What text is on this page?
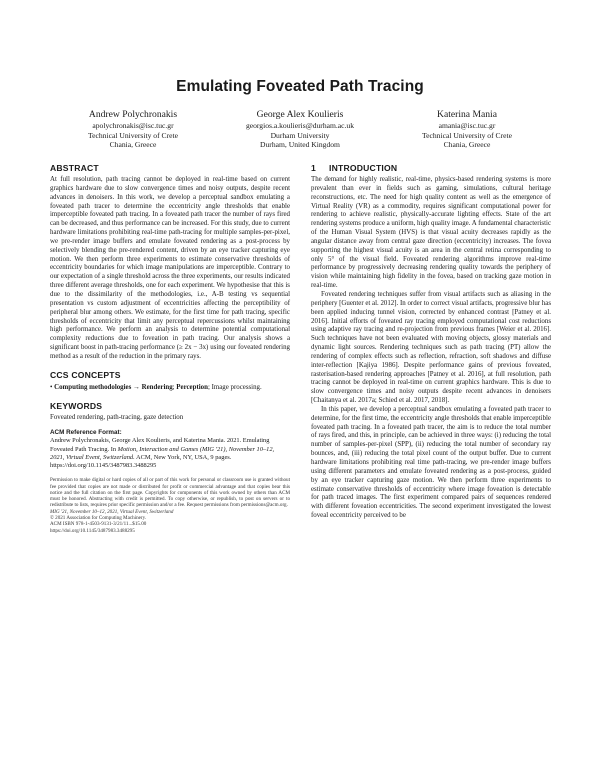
Emulating Foveated Path Tracing
Andrew Polychronakis
apolychronakis@isc.tuc.gr
Technical University of Crete
Chania, Greece
George Alex Koulieris
georgios.a.koulieris@durham.ac.uk
Durham University
Durham, United Kingdom
Katerina Mania
amania@isc.tuc.gr
Technical University of Crete
Chania, Greece
ABSTRACT

At full resolution, path tracing cannot be deployed in real-time based on current graphics hardware due to slow convergence times and noisy outputs, despite recent advances in denoisers. In this work, we develop a perceptual sandbox emulating a foveated path tracer to determine the eccentricity angle thresholds that enable imperceptible foveated path tracing. In a foveated path tracer the number of rays fired can be decreased, and thus performance can be increased. For this study, due to current hardware limitations prohibiting real-time path-tracing for multiple samples-per-pixel, we pre-render image buffers and emulate foveated rendering as a post-process by selectively blending the pre-rendered content, driven by an eye tracker capturing eye motion. We then perform three experiments to estimate conservative thresholds of eccentricity boundaries for which image manipulations are imperceptible. Contrary to our expectation of a single threshold across the three experiments, our results indicated three different average thresholds, one for each experiment. We hypothesise that this is due to the dissimilarity of the methodologies, i.e., A-B testing vs sequential presentation vs custom adjustment of eccentricities affecting the perceptibility of peripheral blur among others. We estimate, for the first time for path tracing, specific thresholds of eccentricity that limit any perceptual repercussions whilst maintaining high performance. We perform an analysis to determine potential computational complexity reductions due to foveation in path tracing. Our analysis shows a significant boost in path-tracing performance (≥ 2x − 3x) using our foveated rendering method as a result of the reduction in the primary rays.

CCS CONCEPTS

• Computing methodologies → Rendering; Perception; Image processing.

KEYWORDS

Foveated rendering, path-tracing, gaze detection

ACM Reference Format:

Andrew Polychronakis, George Alex Koulieris, and Katerina Mania. 2021. Emulating Foveated Path Tracing. In Motion, Interaction and Games (MIG '21), November 10–12, 2021, Virtual Event, Switzerland. ACM, New York, NY, USA, 9 pages. https://doi.org/10.1145/3487983.3488295

Permission to make digital or hard copies of all or part of this work for personal or classroom use is granted without fee provided that copies are not made or distributed for profit or commercial advantage and that copies bear this notice and the full citation on the first page. Copyrights for components of this work owned by others than ACM must be honored. Abstracting with credit is permitted. To copy otherwise, or republish, to post on servers or to redistribute to lists, requires prior specific permission and/or a fee. Request permissions from permissions@acm.org.

MIG '21, November 10–12, 2021, Virtual Event, Switzerland
© 2021 Association for Computing Machinery.
ACM ISBN 978-1-4503-9131-3/21/11...$15.00
https://doi.org/10.1145/3487983.3488295
1 INTRODUCTION

The demand for highly realistic, real-time, physics-based rendering systems is more prevalent than ever in fields such as gaming, simulations, cultural heritage reconstructions, etc. The need for high quality content as well as the emergence of Virtual Reality (VR) as a commodity, requires significant computational power for rendering to achieve realistic, physically-accurate lighting effects. State of the art rendering systems produce a uniform, high quality image. A fundamental characteristic of the Human Visual System (HVS) is that visual acuity decreases rapidly as the angular distance away from central gaze direction (eccentricity) increases. The fovea supporting the highest visual acuity is an area in the central retina corresponding to only 5° of the visual field. Foveated rendering algorithms improve real-time performance by progressively decreasing rendering quality towards the periphery of vision while maintaining high fidelity in the fovea, based on tracking gaze motion in real-time.

Foveated rendering techniques suffer from visual artifacts such as aliasing in the periphery [Guenter et al. 2012]. In order to correct visual artifacts, progressive blur has been applied inducing tunnel vision, corrected by enhanced contrast [Patney et al. 2016]. Initial efforts of foveated ray tracing employed computational cost reductions using adaptive ray tracing and re-projection from previous frames [Weier et al. 2016]. Such techniques have not been evaluated with moving objects, glossy materials and dynamic light sources. Rendering techniques such as path tracing (PT) allow the rendering of complex effects such as reflection, refraction, soft shadows and diffuse inter-reflection [Kajiya 1986]. Despite performance gains of previous foveated, rasterisation-based rendering approaches [Patney et al. 2016], at full resolution, path tracing cannot be deployed in real-time on current graphics hardware. This is due to slow convergence times and noisy outputs despite recent advances in denoisers [Chaitanya et al. 2017a; Schied et al. 2017, 2018].

In this paper, we develop a perceptual sandbox emulating a foveated path tracer to determine, for the first time, the eccentricity angle thresholds that enable imperceptible foveated path tracing. In a foveated path tracer, the aim is to reduce the total number of rays fired, and this, in principle, can be achieved in three ways: (i) reducing the total number of samples-per-pixel (SPP), (ii) reducing the total number of secondary ray bounces, and, (iii) reducing the total pixel count of the output buffer. Due to current hardware limitations prohibiting real time path-tracing, we pre-render image buffers using different parameters and emulate foveated rendering as a post-process, guided by an eye tracker capturing gaze motion. We then perform three experiments to estimate conservative thresholds of eccentricity where image foveation is detectable for path traced images. The first experiment compared pairs of sequences rendered with different foveation eccentricities. The second experiment investigated the lowest foveal eccentricity perceived to be
